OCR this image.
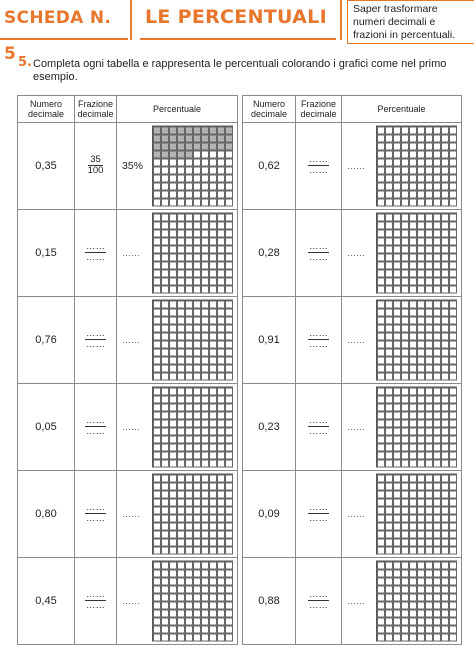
SCHEDA N. 5
LE PERCENTUALI	Saper trasformare
numeri decimali e
frazioni in percentuali.
5. Completa ogni tabella e rappresenta le percentuali colorando i grafici come nel primo esempio.
Numero decimale	Frazione decimale	Percentuale
0,35	$\frac{35}{100}$	35%

0,15	$\frac{\dots\dots}{\dots\dots}$	……

0,76	$\frac{\dots\dots}{\dots\dots}$	……

0,05	$\frac{\dots\dots}{\dots\dots}$	……

0,80	$\frac{\dots\dots}{\dots\dots}$	……

0,45	$\frac{\dots\dots}{\dots\dots}$	……
Numero decimale	Frazione decimale	Percentuale
0,62	$\frac{\dots\dots}{\dots\dots}$	……

0,28	$\frac{\dots\dots}{\dots\dots}$	……

0,91	$\frac{\dots\dots}{\dots\dots}$	……

0,23	$\frac{\dots\dots}{\dots\dots}$	……

0,09	$\frac{\dots\dots}{\dots\dots}$	……

0,88	$\frac{\dots\dots}{\dots\dots}$	……
